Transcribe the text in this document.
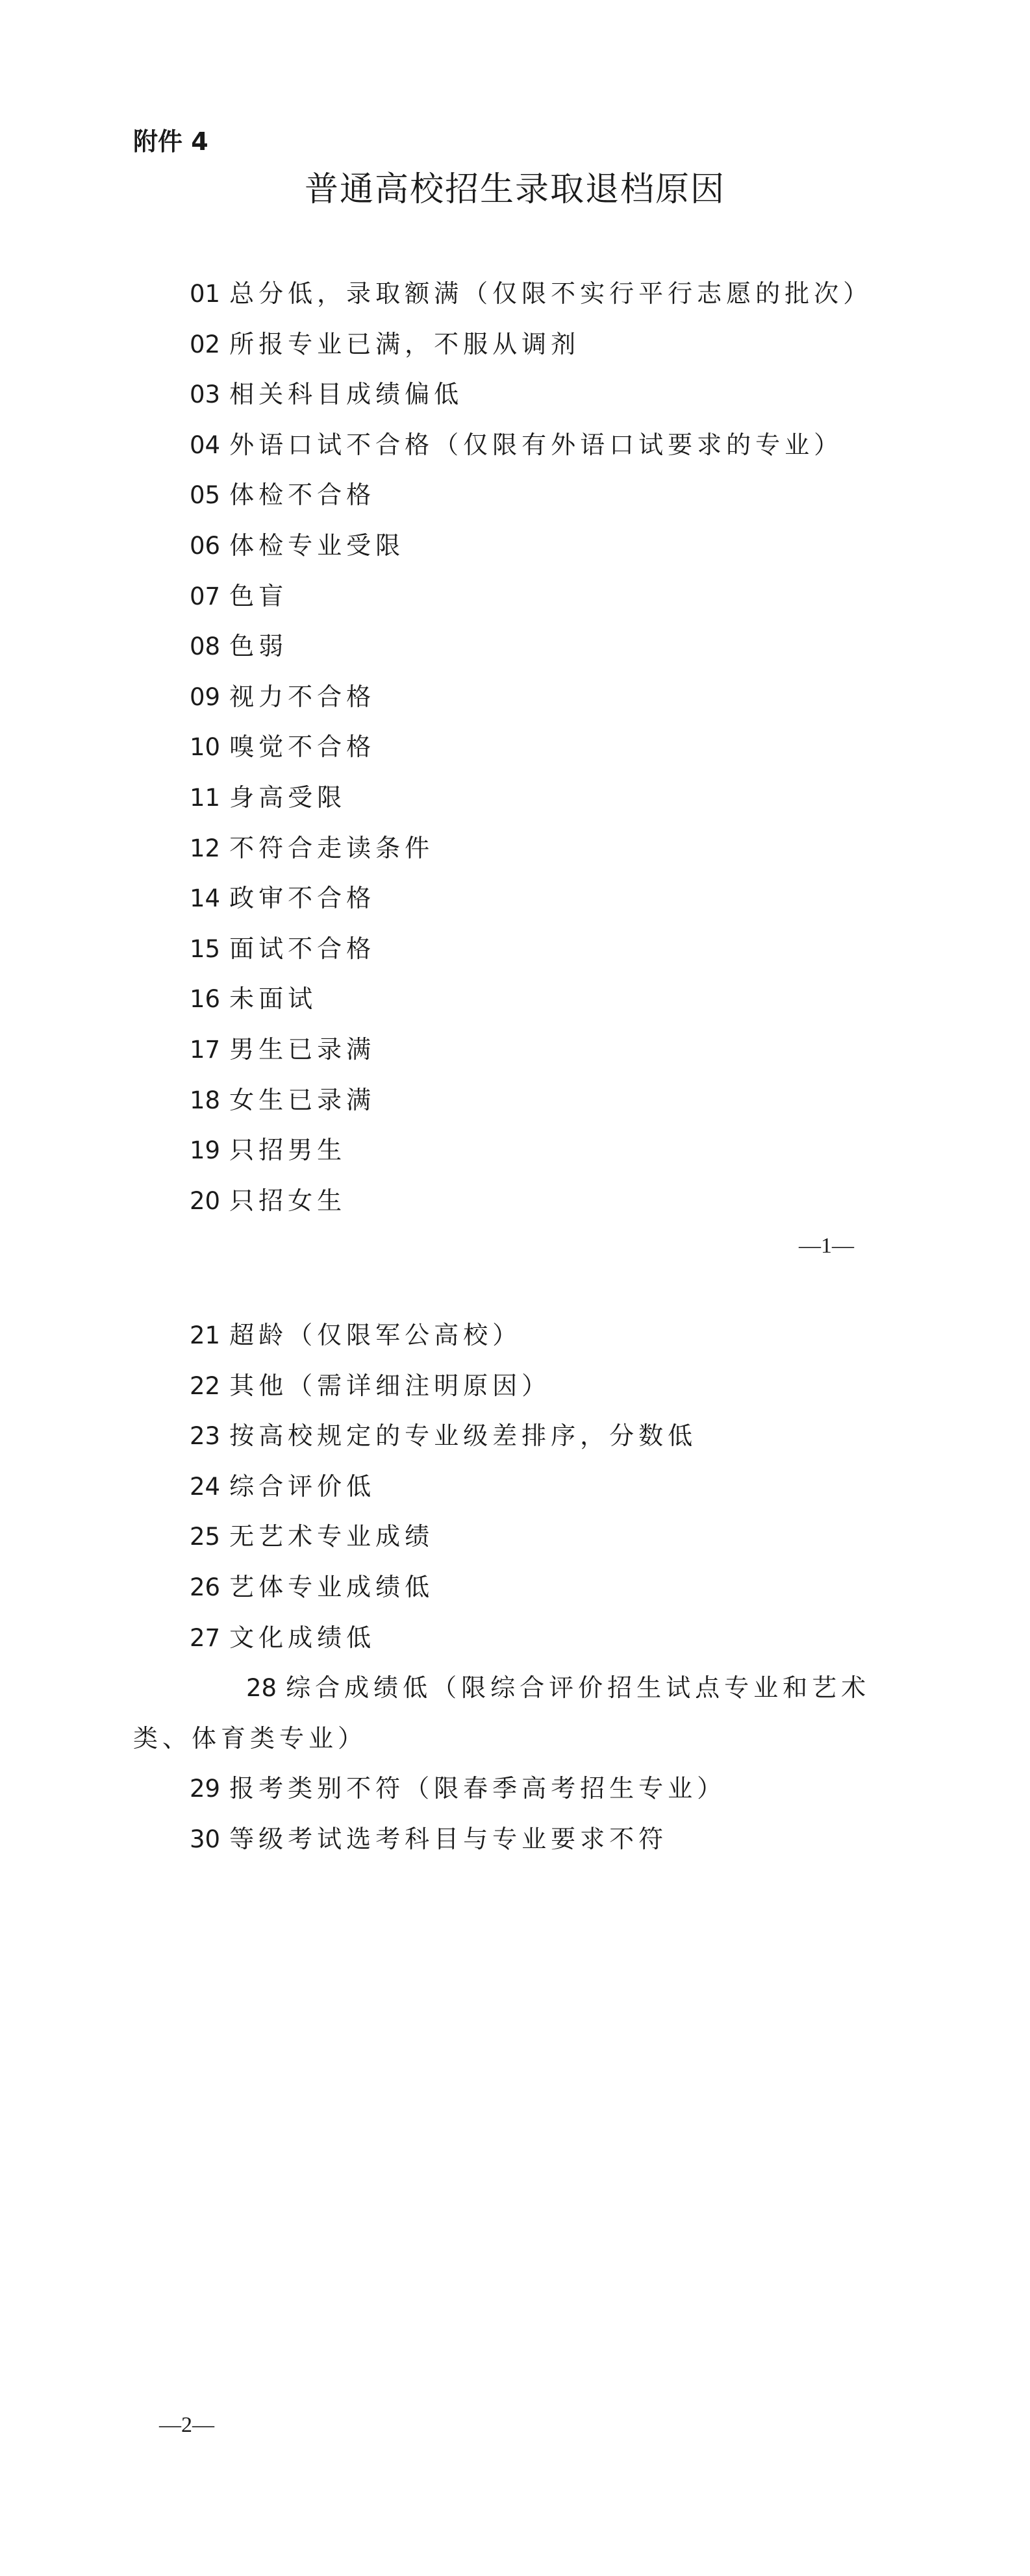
附件 4
普通高校招生录取退档原因
01 总分低，录取额满（仅限不实行平行志愿的批次）
02 所报专业已满，不服从调剂
03 相关科目成绩偏低
04 外语口试不合格（仅限有外语口试要求的专业）
05 体检不合格
06 体检专业受限
07 色盲
08 色弱
09 视力不合格
10 嗅觉不合格
11 身高受限
12 不符合走读条件
14 政审不合格
15 面试不合格
16 未面试
17 男生已录满
18 女生已录满
19 只招男生
20 只招女生
—1—
21 超龄（仅限军公高校）
22 其他（需详细注明原因）
23 按高校规定的专业级差排序，分数低
24 综合评价低
25 无艺术专业成绩
26 艺体专业成绩低
27 文化成绩低
28 综合成绩低（限综合评价招生试点专业和艺术类、体育类专业）
29 报考类别不符（限春季高考招生专业）
30 等级考试选考科目与专业要求不符
—2—
